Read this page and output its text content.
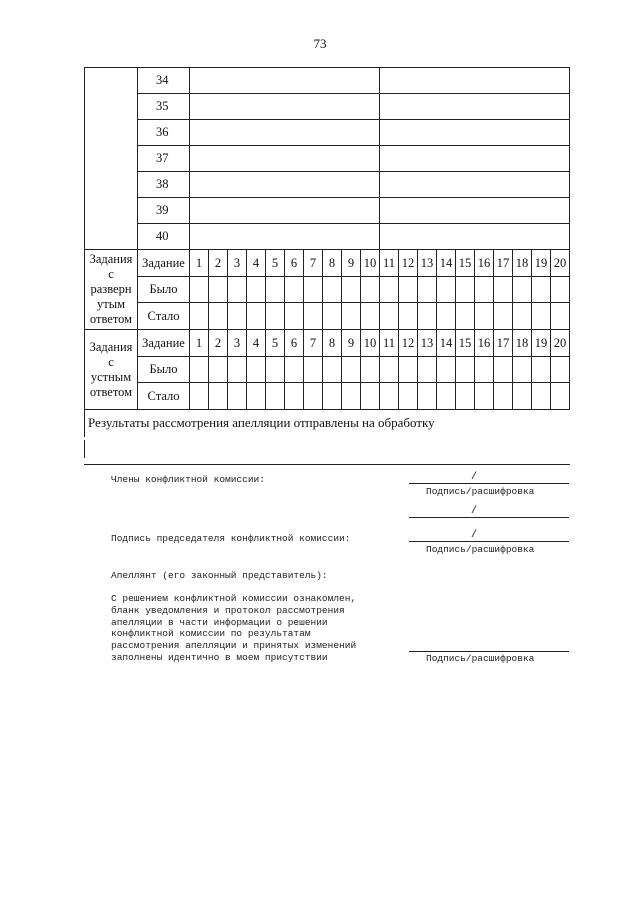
73
	34																				
	35																				
	36																				
	37																				
	38																				
	39																				
	40																				

Задания
с
разверн
утым
ответом	Задание	1	2	3	4	5	6	7	8	9	10	11	12	13	14	15	16	17	18	19	20
	Было																				
	Стало																				

Задания
с
устным
ответом	Задание	1	2	3	4	5	6	7	8	9	10	11	12	13	14	15	16	17	18	19	20
	Было																				
	Стало																				
Результаты рассмотрения апелляции отправлены на обработку																					
Члены конфликтной комиссии:	/
Подпись/расшифровка
/
Подпись председателя конфликтной комиссии:	/
Подпись/расшифровка
Апеллянт (его законный представитель):
С решением конфликтной комиссии ознакомлен,
бланк уведомления и протокол рассмотрения
апелляции в части информации о решении
конфликтной комиссии по результатам
рассмотрения апелляции и принятых изменений
заполнены идентично в моем присутствии	Подпись/расшифровка
